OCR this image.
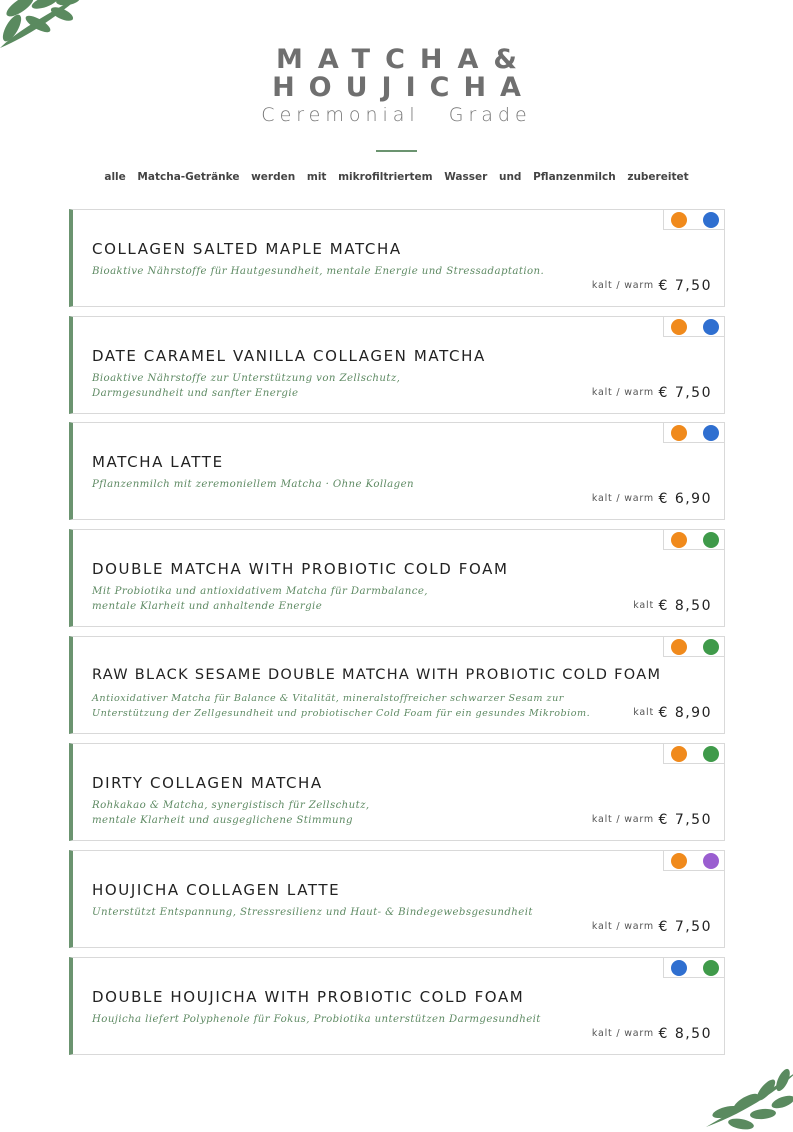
MATCHA&
HOUJICHA
Ceremonial Grade
alle Matcha-Getränke werden mit mikrofiltriertem Wasser und Pflanzenmilch zubereitet
COLLAGEN SALTED MAPLE MATCHA
Bioaktive Nährstoffe für Hautgesundheit, mentale Energie und Stressadaptation.
kalt / warm € 7,50
DATE CARAMEL VANILLA COLLAGEN MATCHA
Bioaktive Nährstoffe zur Unterstützung von Zellschutz,
Darmgesundheit und sanfter Energie	kalt / warm € 7,50
MATCHA LATTE
Pflanzenmilch mit zeremoniellem Matcha · Ohne Kollagen
kalt / warm € 6,90
DOUBLE MATCHA WITH PROBIOTIC COLD FOAM
Mit Probiotika und antioxidativem Matcha für Darmbalance,
mentale Klarheit und anhaltende Energie	kalt € 8,50
RAW BLACK SESAME DOUBLE MATCHA WITH PROBIOTIC COLD FOAM
Antioxidativer Matcha für Balance & Vitalität, mineralstoffreicher schwarzer Sesam zur
Unterstützung der Zellgesundheit und probiotischer Cold Foam für ein gesundes Mikrobiom.	kalt € 8,90
DIRTY COLLAGEN MATCHA
Rohkakao & Matcha, synergistisch für Zellschutz,
mentale Klarheit und ausgeglichene Stimmung	kalt / warm € 7,50
HOUJICHA COLLAGEN LATTE
Unterstützt Entspannung, Stressresilienz und Haut- & Bindegewebsgesundheit
kalt / warm € 7,50
DOUBLE HOUJICHA WITH PROBIOTIC COLD FOAM
Houjicha liefert Polyphenole für Fokus, Probiotika unterstützen Darmgesundheit
kalt / warm € 8,50
